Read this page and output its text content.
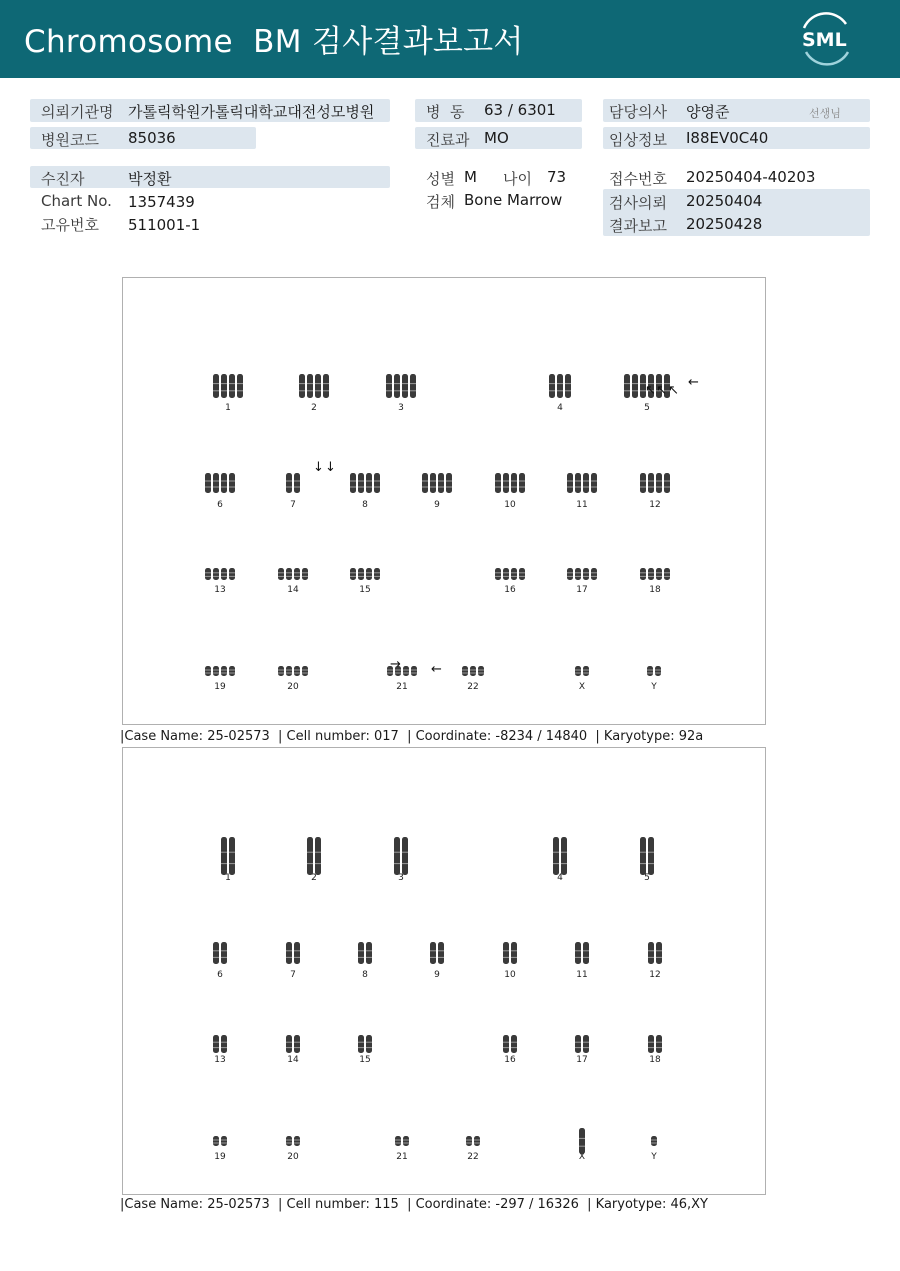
Chromosome  BM 검사결과보고서	SML
의뢰기관명 가톨릭학원가톨릭대학교대전성모병원	병  동 63 / 6301	담당의사 양영준	선생님
병원코드 85036	진료과 MO	임상정보 I88EV0C40
수진자	박정환	성별 M 나이 73	접수번호 20250404-40203
Chart No. 1357439	검체 Bone Marrow	검사의뢰 20250404
고유번호 511001-1	결과보고 20250428
1	2	3	4	5
6	7	8	9	10	11	12
13	14	15	16	17	18
19	20	21	22	X	Y
←
↖ ↖
↖
↓ ↓
→ ←
|Case Name: 25-02573  | Cell number: 017  | Coordinate: -8234 / 14840  | Karyotype: 92a
1	2	3	4	5
6	7	8	9	10	11	12
13	14	15	16	17	18
19	20	21	22	X	Y
|Case Name: 25-02573  | Cell number: 115  | Coordinate: -297 / 16326  | Karyotype: 46,XY
